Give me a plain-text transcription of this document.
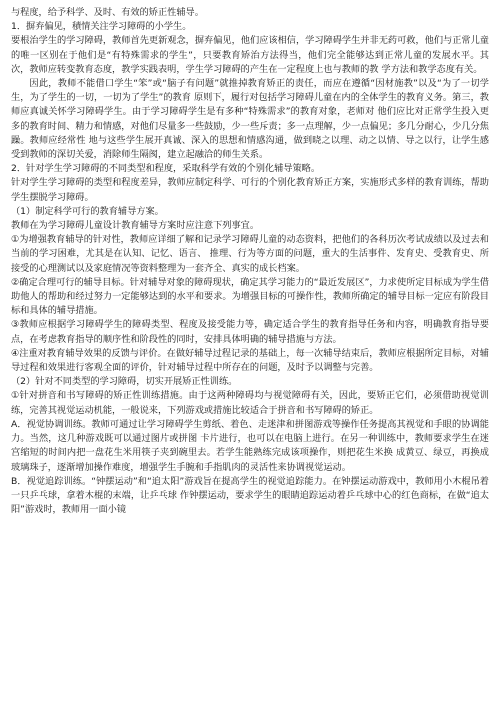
与程度，给予科学、及时、有效的矫正性辅导。

1．摒弃偏见，積情关注学习障碍的小学生。

要根治学生的学习障碍，教师首先更新观念，摒弃偏见，他们应该相信，学习障碍学生并非无药可救，他们与正常儿童的唯一区别在于他们是“有特殊需求的学生”，只要教育矫治方法得当，他们完全能够达到正常儿童的发展水平。其次，教师应转变教育态度，教学实践表明，学生学习障碍的产生在一定程度上也与教师的教 学方法和教学态度有关。

因此，教师不能借口学生“笨”或“脑子有问题”就推掉教育矫正的责任，而应在遵循“因材施教”以及“为了一切学生，为了学生的一切，一切为了学生”的教育 原则下，履行对包括学习障碍儿童在内的全体学生的教育义务。第三，教师应真诚关怀学习障碍学生。由于学习障碍学生是有多种“特殊需求”的教育对象，老师对 他们应比对正常学生投入更多的教育时间、精力和情感，对他们尽量多一些鼓励，少一些斥责；多一点理解，少一点偏见；多几分耐心，少几分焦躁。教师应经常性 地与这些学生展开真诚、深入的思想和情感沟通，做到晓之以理、动之以情、导之以行，让学生感受到教师的深切关爱，消除师生隔阂，建立起融洽的师生关系。

2．针对学生学习障碍的不同类型和程度，采取科学有效的个别化辅导策略。

针对学生学习障碍的类型和程度差异，教师应制定科学、可行的个别化教育矫正方案，实施形式多样的教育训练，帮助学生摆脱学习障碍。

（1）制定科学可行的教育辅导方案。

教师在为学习障碍儿童设计教育辅导方案时应注意下列事宜。

①为增强教育辅导的针对性，教师应详细了解和记录学习障碍儿童的动态资料，把他们的各科历次考试成绩以及过去和当前的学习困难，尤其是在认知、记忆、语言、 推理、行为等方面的问题，重大的生活事件、发育史、受教育史、所接受的心理测试以及家庭情况等资料整理为一套齐全、真实的成长档案。

②确定合理可行的辅导目标。针对辅导对象的障碍现状，确定其学习能力的“最近发展区”，力求使所定目标成为学生借助他人的帮助和经过努力一定能够达到的水平和要求。为增强目标的可操作性，教师所确定的辅导目标一定应有阶段目标和具体的辅导措施。

③教师应根据学习障碍学生的障碍类型、程度及接受能力等，确定适合学生的教育指导任务和内容，明确教育指导要点，在考虑教育指导的顺序性和阶段性的同时，安排具体明确的辅导措施与方法。

④注重对教育辅导效果的反馈与评价。在做好辅导过程记录的基础上，每一次辅导结束后，教师应根据所定目标，对辅导过程和效果进行客观全面的评价，针对辅导过程中所存在的问题，及时予以调整与完善。

（2）针对不同类型的学习障碍，切实开展矫正性训练。

①针对拼音和书写障碍的矫正性训练措施。由于这两种障碍均与视觉障碍有关，因此，要矫正它们，必须借助视觉训练，完善其视觉运动机能，一般说来，下列游戏或措施比较适合于拼音和书写障碍的矫正。

A．视觉协调训练。教师可通过让学习障碍学生剪纸、着色、走迷津和拼图游戏等操作任务提高其视觉和手眼的协调能力。当然，这几种游戏既可以通过图片或拼图 卡片进行，也可以在电脑上进行。在另一种训练中，教师要求学生在迷宫缩短的时间内把一盘花生米用筷子夹到碗里去。若学生能熟练完成该项操作，则把花生米换 成黄豆、绿豆，再换成玻璃珠子，逐渐增加操作难度，增强学生手腕和手指肌肉的灵活性来协调视觉运动。

B．视觉追踪训练。“钟摆运动”和“追太阳”游戏旨在提高学生的视觉追踪能力。在钟摆运动游戏中，教师用小木棍吊着一只乒乓球，拿着木棍的末端，让乒乓球 作钟摆运动，要求学生的眼睛追踪运动着乒乓球中心的红色商标，在做“追太阳”游戏时，教师用一面小镜
